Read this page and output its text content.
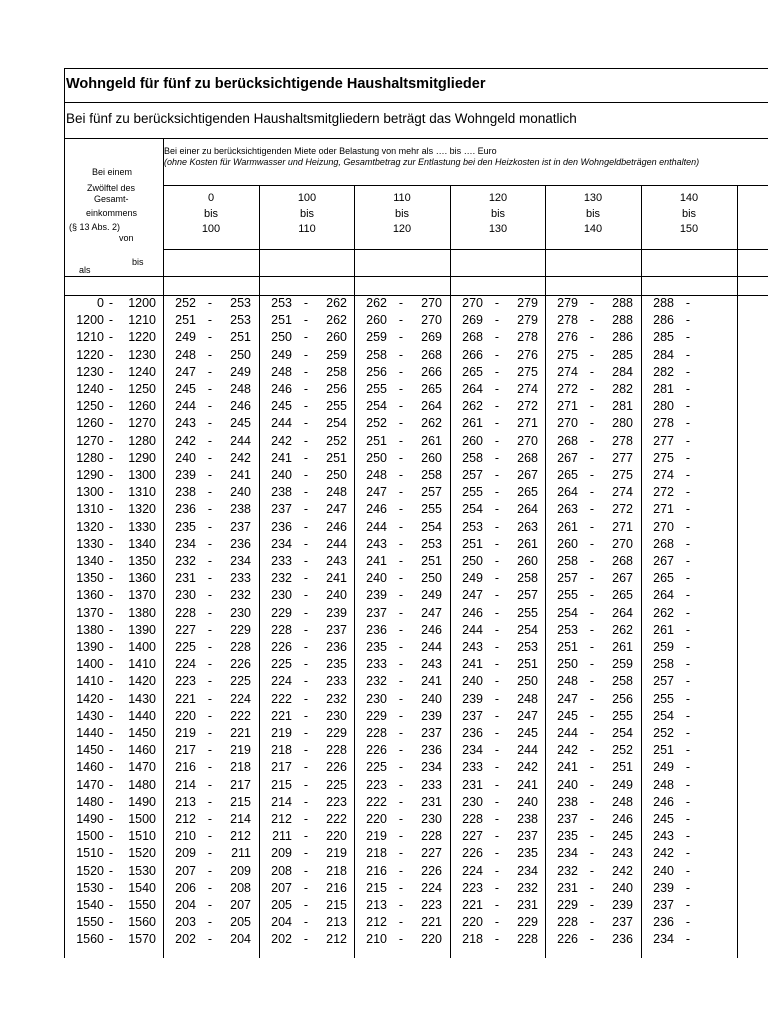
Wohngeld für fünf zu berücksichtigende Haushaltsmitglieder
Bei fünf zu berücksichtigenden Haushaltsmitgliedern beträgt das Wohngeld monatlich
Bei einem
Zwölftel des
Gesamt-
einkommens
(§ 13 Abs. 2)
von
bis
als
Bei einer zu berücksichtigenden Miete oder Belastung von mehr als …. bis …. Euro
(ohne Kosten für Warmwasser und Heizung, Gesamtbetrag zur Entlastung bei den Heizkosten ist in den Wohngeldbeträgen enthalten)
0
bis
100
100
bis
110
110
bis
120
120
bis
130
130
bis
140
140
bis
150
0 -	1200	252 -	253	253 -	262	262 -	270	270 -	279	279 -	288	288 -
1200 -	1210	251 -	253	251 -	262	260 -	270	269 -	279	278 -	288	286 -
1210 -	1220	249 -	251	250 -	260	259 -	269	268 -	278	276 -	286	285 -
1220 -	1230	248 -	250	249 -	259	258 -	268	266 -	276	275 -	285	284 -
1230 -	1240	247 -	249	248 -	258	256 -	266	265 -	275	274 -	284	282 -
1240 -	1250	245 -	248	246 -	256	255 -	265	264 -	274	272 -	282	281 -
1250 -	1260	244 -	246	245 -	255	254 -	264	262 -	272	271 -	281	280 -
1260 -	1270	243 -	245	244 -	254	252 -	262	261 -	271	270 -	280	278 -
1270 -	1280	242 -	244	242 -	252	251 -	261	260 -	270	268 -	278	277 -
1280 -	1290	240 -	242	241 -	251	250 -	260	258 -	268	267 -	277	275 -
1290 -	1300	239 -	241	240 -	250	248 -	258	257 -	267	265 -	275	274 -
1300 -	1310	238 -	240	238 -	248	247 -	257	255 -	265	264 -	274	272 -
1310 -	1320	236 -	238	237 -	247	246 -	255	254 -	264	263 -	272	271 -
1320 -	1330	235 -	237	236 -	246	244 -	254	253 -	263	261 -	271	270 -
1330 -	1340	234 -	236	234 -	244	243 -	253	251 -	261	260 -	270	268 -
1340 -	1350	232 -	234	233 -	243	241 -	251	250 -	260	258 -	268	267 -
1350 -	1360	231 -	233	232 -	241	240 -	250	249 -	258	257 -	267	265 -
1360 -	1370	230 -	232	230 -	240	239 -	249	247 -	257	255 -	265	264 -
1370 -	1380	228 -	230	229 -	239	237 -	247	246 -	255	254 -	264	262 -
1380 -	1390	227 -	229	228 -	237	236 -	246	244 -	254	253 -	262	261 -
1390 -	1400	225 -	228	226 -	236	235 -	244	243 -	253	251 -	261	259 -
1400 -	1410	224 -	226	225 -	235	233 -	243	241 -	251	250 -	259	258 -
1410 -	1420	223 -	225	224 -	233	232 -	241	240 -	250	248 -	258	257 -
1420 -	1430	221 -	224	222 -	232	230 -	240	239 -	248	247 -	256	255 -
1430 -	1440	220 -	222	221 -	230	229 -	239	237 -	247	245 -	255	254 -
1440 -	1450	219 -	221	219 -	229	228 -	237	236 -	245	244 -	254	252 -
1450 -	1460	217 -	219	218 -	228	226 -	236	234 -	244	242 -	252	251 -
1460 -	1470	216 -	218	217 -	226	225 -	234	233 -	242	241 -	251	249 -
1470 -	1480	214 -	217	215 -	225	223 -	233	231 -	241	240 -	249	248 -
1480 -	1490	213 -	215	214 -	223	222 -	231	230 -	240	238 -	248	246 -
1490 -	1500	212 -	214	212 -	222	220 -	230	228 -	238	237 -	246	245 -
1500 -	1510	210 -	212	211 -	220	219 -	228	227 -	237	235 -	245	243 -
1510 -	1520	209 -	211	209 -	219	218 -	227	226 -	235	234 -	243	242 -
1520 -	1530	207 -	209	208 -	218	216 -	226	224 -	234	232 -	242	240 -
1530 -	1540	206 -	208	207 -	216	215 -	224	223 -	232	231 -	240	239 -
1540 -	1550	204 -	207	205 -	215	213 -	223	221 -	231	229 -	239	237 -
1550 -	1560	203 -	205	204 -	213	212 -	221	220 -	229	228 -	237	236 -
1560 -	1570	202 -	204	202 -	212	210 -	220	218 -	228	226 -	236	234 -
